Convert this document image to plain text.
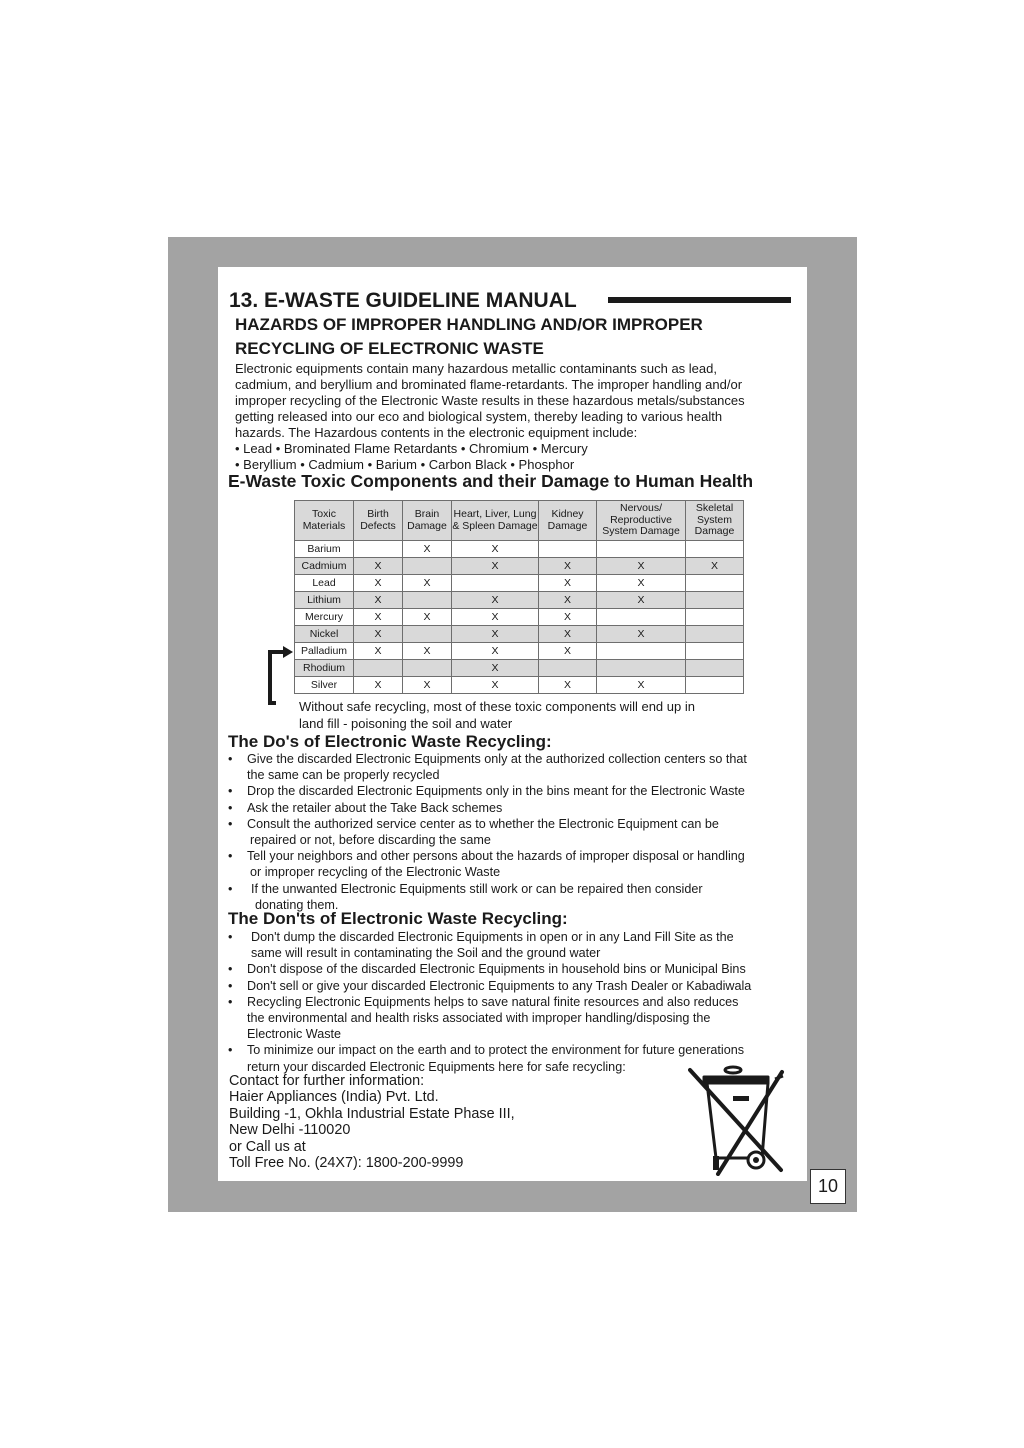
13. E-WASTE GUIDELINE MANUAL
HAZARDS OF IMPROPER HANDLING AND/OR IMPROPER
RECYCLING OF ELECTRONIC WASTE
Electronic equipments contain many hazardous metallic contaminants such as lead,
cadmium, and beryllium and brominated flame-retardants. The improper handling and/or
improper recycling of the Electronic Waste results in these hazardous metals/substances
getting released into our eco and biological system, thereby leading to various health
hazards. The Hazardous contents in the electronic equipment include:
• Lead • Brominated Flame Retardants • Chromium • Mercury
• Beryllium • Cadmium • Barium • Carbon Black • Phosphor
E-Waste Toxic Components and their Damage to Human Health
Toxic Materials	Birth Defects	Brain Damage	Heart, Liver, Lung & Spleen Damage	Kidney Damage	Nervous/ Reproductive System Damage	Skeletal System Damage
Barium		X	X			
Cadmium	X		X	X	X	X
Lead	X	X		X	X	
Lithium	X		X	X	X	
Mercury	X	X	X	X		
Nickel	X		X	X	X	
Palladium	X	X	X	X		
Rhodium			X			
Silver	X	X	X	X	X	
Without safe recycling, most of these toxic components will end up in
land fill - poisoning the soil and water
The Do's of Electronic Waste Recycling:
• Give the discarded Electronic Equipments only at the authorized collection centers so that
the same can be properly recycled
• Drop the discarded Electronic Equipments only in the bins meant for the Electronic Waste
• Ask the retailer about the Take Back schemes
• Consult the authorized service center as to whether the Electronic Equipment can be
repaired or not, before discarding the same
• Tell your neighbors and other persons about the hazards of improper disposal or handling
or improper recycling of the Electronic Waste
• If the unwanted Electronic Equipments still work or can be repaired then consider
donating them.
The Don'ts of Electronic Waste Recycling:
• Don't dump the discarded Electronic Equipments in open or in any Land Fill Site as the
same will result in contaminating the Soil and the ground water
• Don't dispose of the discarded Electronic Equipments in household bins or Municipal Bins
• Don't sell or give your discarded Electronic Equipments to any Trash Dealer or Kabadiwala
• Recycling Electronic Equipments helps to save natural finite resources and also reduces
the environmental and health risks associated with improper handling/disposing the
Electronic Waste
• To minimize our impact on the earth and to protect the environment for future generations
return your discarded Electronic Equipments here for safe recycling:
Contact for further information:
Haier Appliances (India) Pvt. Ltd.
Building -1, Okhla Industrial Estate Phase III,
New Delhi -110020
or Call us at
Toll Free No. (24X7): 1800-200-9999
10
